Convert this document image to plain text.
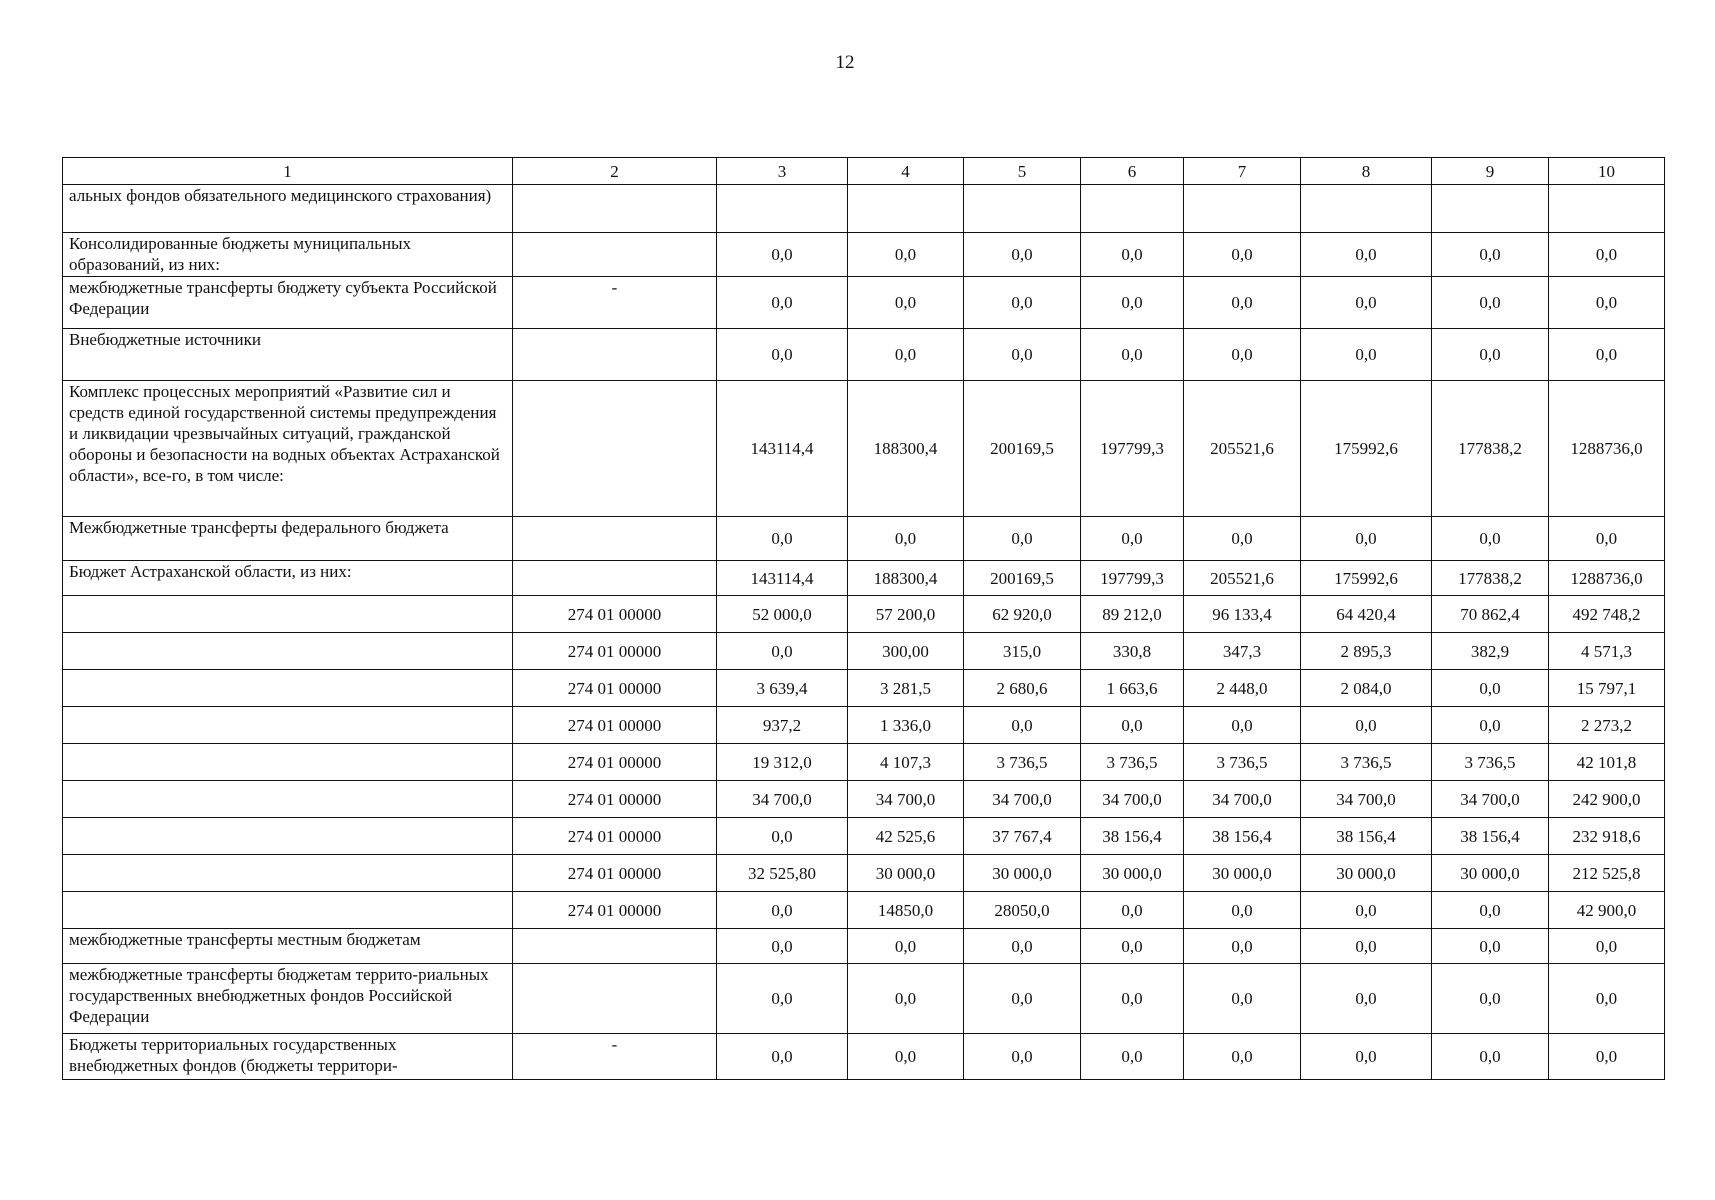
12
1	2	3	4	5	6	7	8	9	10
альных фондов обязательного медицинского страхования)									
Консолидированные бюджеты муниципальных образований, из них:		0,0	0,0	0,0	0,0	0,0	0,0	0,0	0,0
межбюджетные трансферты бюджету субъекта Российской Федерации	-	0,0	0,0	0,0	0,0	0,0	0,0	0,0	0,0
Внебюджетные источники		0,0	0,0	0,0	0,0	0,0	0,0	0,0	0,0
Комплекс процессных мероприятий «Развитие сил и средств единой государственной системы предупреждения и ликвидации чрезвычайных ситуаций, гражданской обороны и безопасности на водных объектах Астраханской области», все-го, в том числе:		143114,4	188300,4	200169,5	197799,3	205521,6	175992,6	177838,2	1288736,0
Межбюджетные трансферты федерального бюджета		0,0	0,0	0,0	0,0	0,0	0,0	0,0	0,0
Бюджет Астраханской области, из них:		143114,4	188300,4	200169,5	197799,3	205521,6	175992,6	177838,2	1288736,0
	274 01 00000	52 000,0	57 200,0	62 920,0	89 212,0	96 133,4	64 420,4	70 862,4	492 748,2
	274 01 00000	0,0	300,00	315,0	330,8	347,3	2 895,3	382,9	4 571,3
	274 01 00000	3 639,4	3 281,5	2 680,6	1 663,6	2 448,0	2 084,0	0,0	15 797,1
	274 01 00000	937,2	1 336,0	0,0	0,0	0,0	0,0	0,0	2 273,2
	274 01 00000	19 312,0	4 107,3	3 736,5	3 736,5	3 736,5	3 736,5	3 736,5	42 101,8
	274 01 00000	34 700,0	34 700,0	34 700,0	34 700,0	34 700,0	34 700,0	34 700,0	242 900,0
	274 01 00000	0,0	42 525,6	37 767,4	38 156,4	38 156,4	38 156,4	38 156,4	232 918,6
	274 01 00000	32 525,80	30 000,0	30 000,0	30 000,0	30 000,0	30 000,0	30 000,0	212 525,8
	274 01 00000	0,0	14850,0	28050,0	0,0	0,0	0,0	0,0	42 900,0
межбюджетные трансферты местным бюджетам		0,0	0,0	0,0	0,0	0,0	0,0	0,0	0,0
межбюджетные трансферты бюджетам террито-риальных государственных внебюджетных фондов Российской Федерации		0,0	0,0	0,0	0,0	0,0	0,0	0,0	0,0
Бюджеты территориальных государственных внебюджетных фондов (бюджеты территори-	-	0,0	0,0	0,0	0,0	0,0	0,0	0,0	0,0
